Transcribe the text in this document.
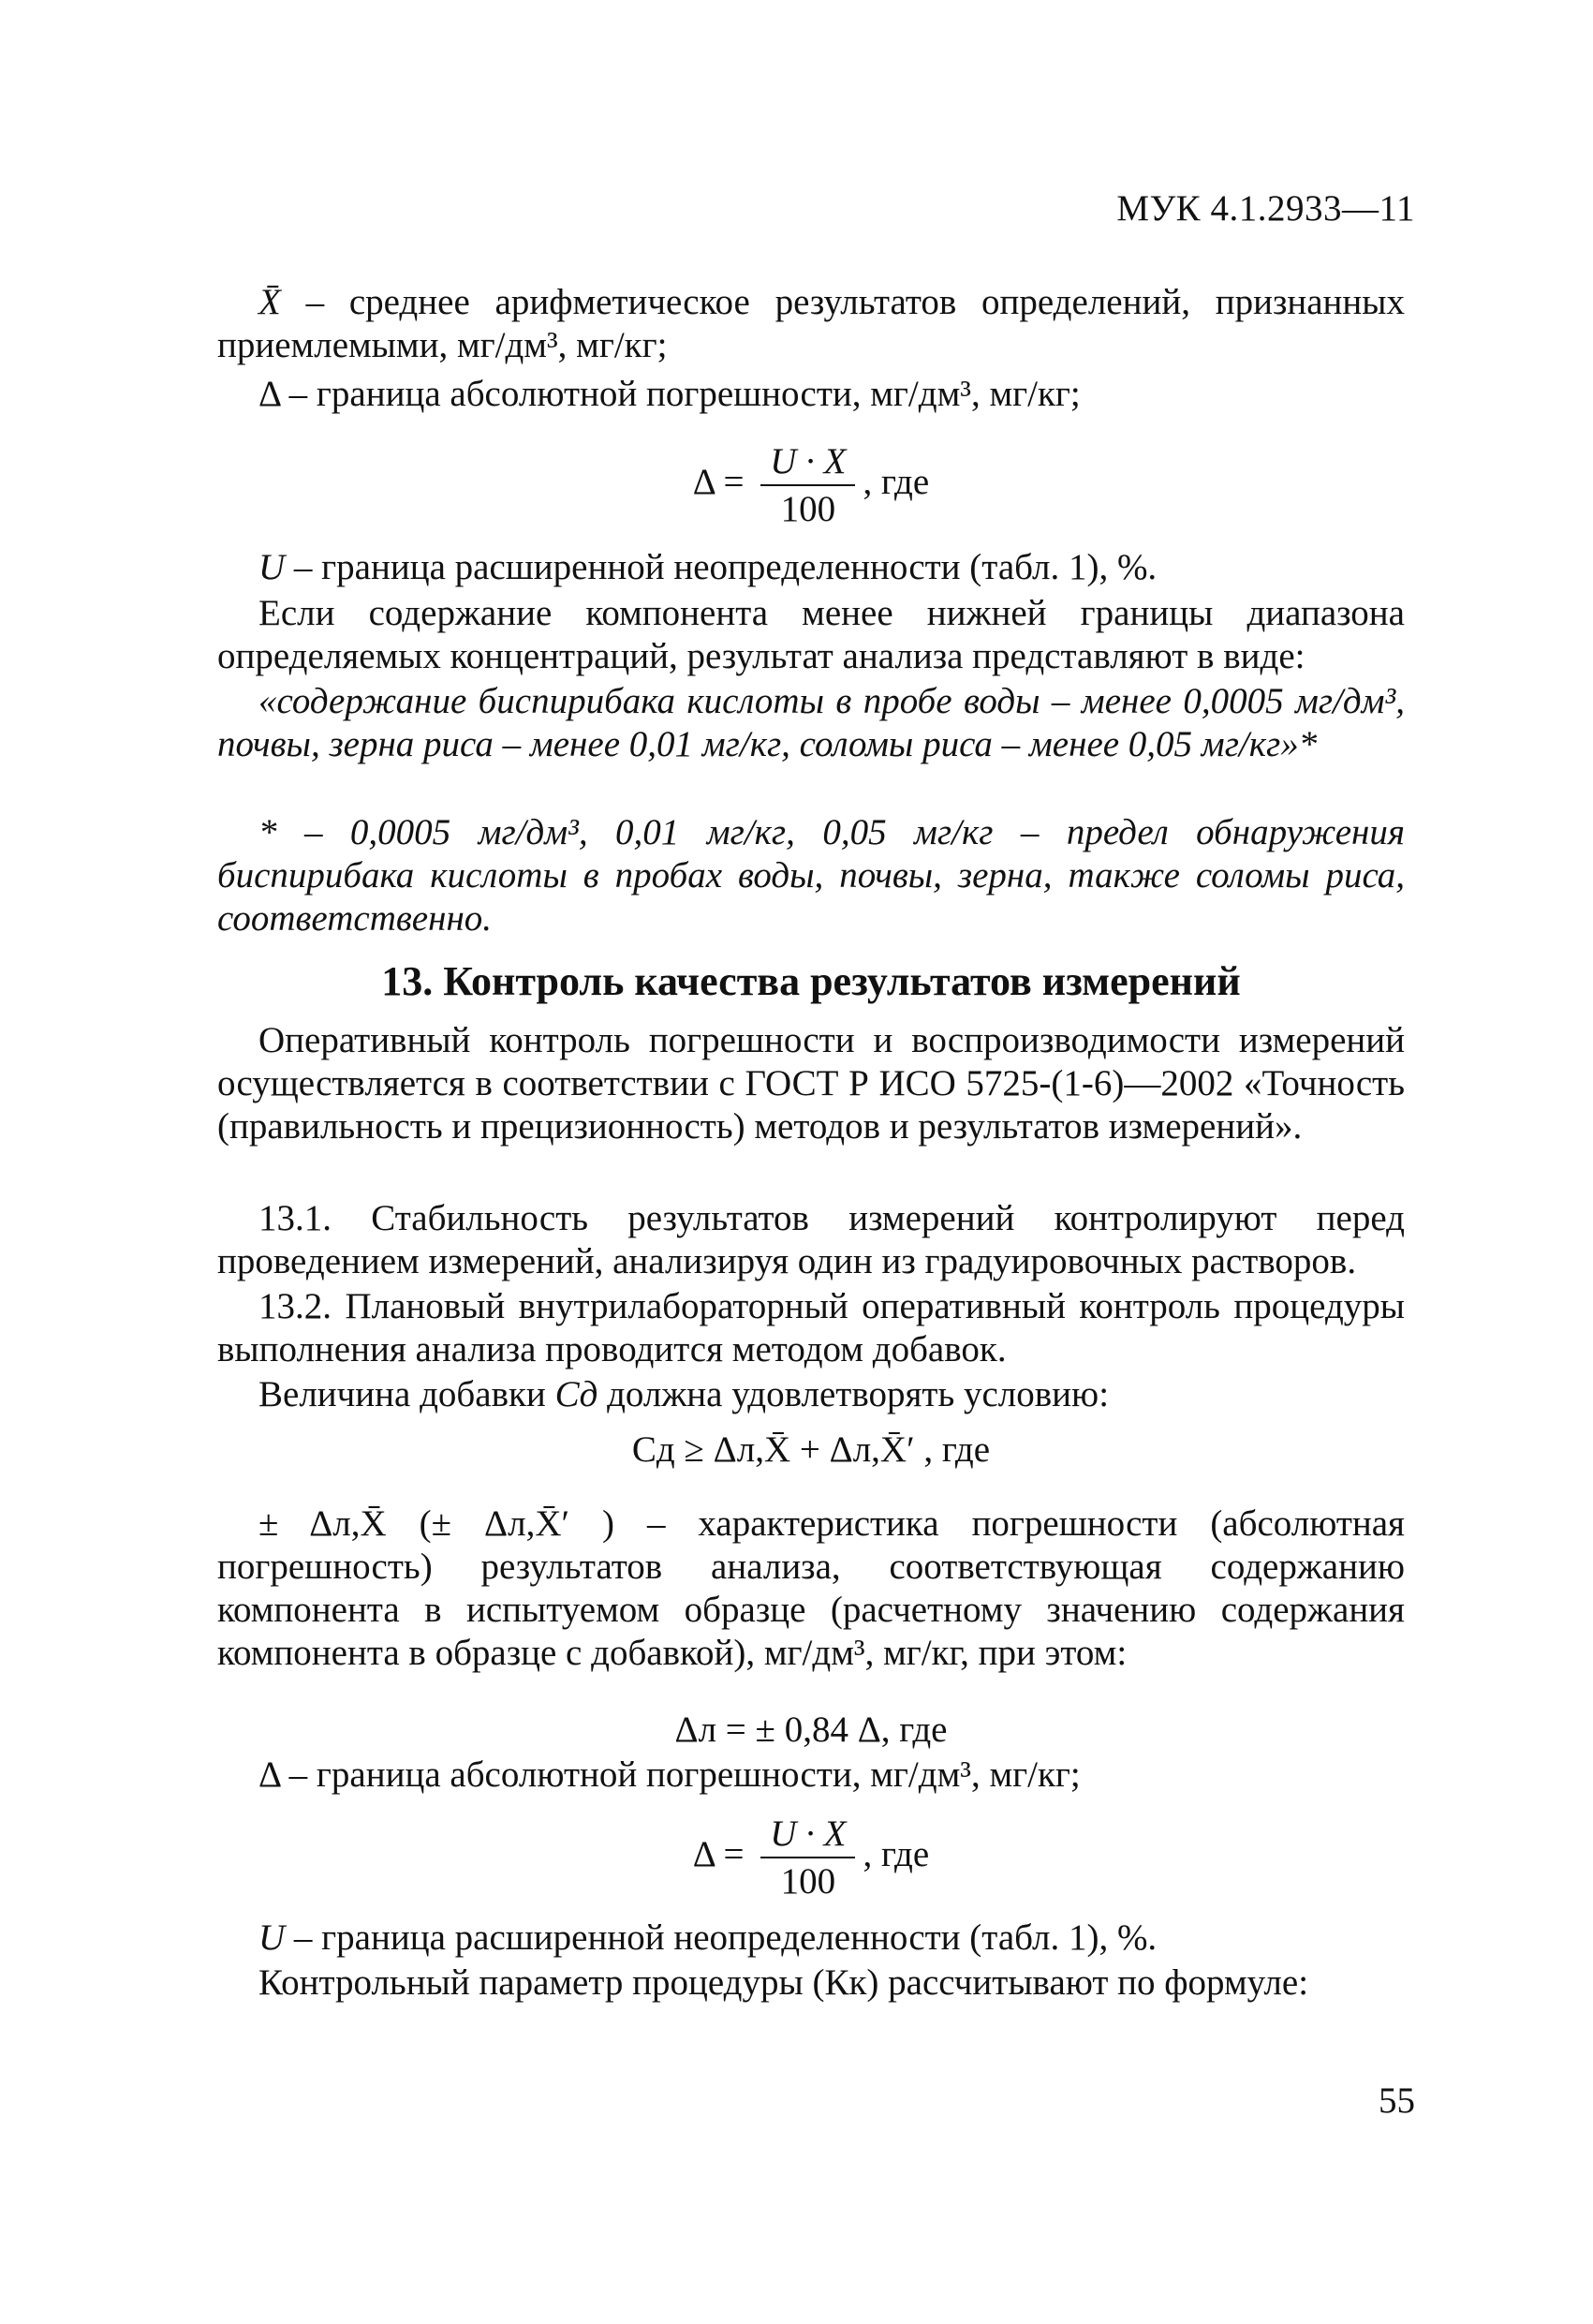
МУК 4.1.2933—11
X̄ – среднее арифметическое результатов определений, признанных приемлемыми, мг/дм³, мг/кг;
Δ – граница абсолютной погрешности, мг/дм³, мг/кг;
$\Delta = \frac{U \cdot X}{100}$ , где
U – граница расширенной неопределенности (табл. 1), %.
Если содержание компонента менее нижней границы диапазона определяемых концентраций, результат анализа представляют в виде:
«содержание биспирибака кислоты в пробе воды – менее 0,0005 мг/дм³, почвы, зерна риса – менее 0,01 мг/кг, соломы риса – менее 0,05 мг/кг»*
* – 0,0005 мг/дм³, 0,01 мг/кг, 0,05 мг/кг – предел обнаружения биспирибака кислоты в пробах воды, почвы, зерна, также соломы риса, соответственно.
13. Контроль качества результатов измерений
Оперативный контроль погрешности и воспроизводимости измерений осуществляется в соответствии с ГОСТ Р ИСО 5725-(1-6)—2002 «Точность (правильность и прецизионность) методов и результатов измерений».
13.1. Стабильность результатов измерений контролируют перед проведением измерений, анализируя один из градуировочных растворов.
13.2. Плановый внутрилабораторный оперативный контроль процедуры выполнения анализа проводится методом добавок.
Величина добавки Сд должна удовлетворять условию:
Сд ≥ Δл,X̄ + Δл,X̄′ , где
± Δл,X̄ (± Δл,X̄′ ) – характеристика погрешности (абсолютная погрешность) результатов анализа, соответствующая содержанию компонента в испытуемом образце (расчетному значению содержания компонента в образце с добавкой), мг/дм³, мг/кг, при этом:
Δл = ± 0,84 Δ, где
Δ – граница абсолютной погрешности, мг/дм³, мг/кг;
$\Delta = \frac{U \cdot X}{100}$ , где
U – граница расширенной неопределенности (табл. 1), %.
Контрольный параметр процедуры (Кк) рассчитывают по формуле:
55
